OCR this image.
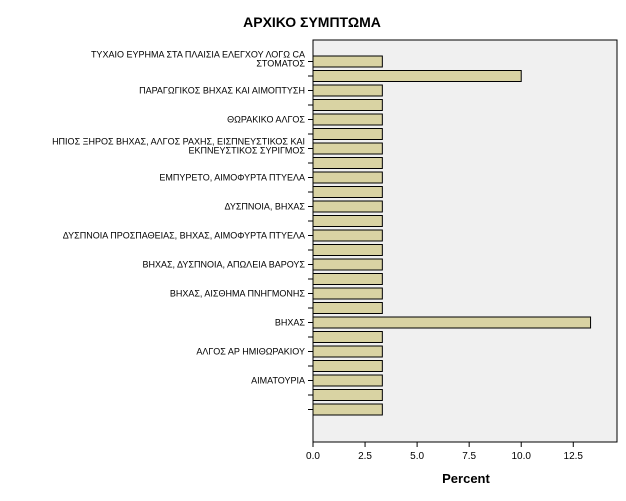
0.0	2.5	5.0	7.5	10.0	12.5
ΤΥΧΑΙΟ ΕΥΡΗΜΑ ΣΤΑ ΠΛΑΙΣΙΑ ΕΛΕΓΧΟΥ ΛΟΓΩ CA
ΣΤΟΜΑΤΟΣ
ΠΑΡΑΓΩΓΙΚΟΣ ΒΗΧΑΣ ΚΑΙ ΑΙΜΟΠΤΥΣΗ
ΘΩΡΑΚΙΚΟ ΑΛΓΟΣ
ΗΠΙΟΣ ΞΗΡΟΣ ΒΗΧΑΣ, ΑΛΓΟΣ ΡΑΧΗΣ, ΕΙΣΠΝΕΥΣΤΙΚΟΣ ΚΑΙ
ΕΚΠΝΕΥΣΤΙΚΟΣ ΣΥΡΙΓΜΟΣ
ΕΜΠΥΡΕΤΟ, ΑΙΜΟΦΥΡΤΑ ΠΤΥΕΛΑ
ΔΥΣΠΝΟΙΑ, ΒΗΧΑΣ
ΔΥΣΠΝΟΙΑ ΠΡΟΣΠΑΘΕΙΑΣ, ΒΗΧΑΣ, ΑΙΜΟΦΥΡΤΑ ΠΤΥΕΛΑ
ΒΗΧΑΣ, ΔΥΣΠΝΟΙΑ, ΑΠΩΛΕΙΑ ΒΑΡΟΥΣ
ΒΗΧΑΣ, ΑΙΣΘΗΜΑ ΠΝΗΓΜΟΝΗΣ
ΒΗΧΑΣ
ΑΛΓΟΣ ΑΡ ΗΜΙΘΩΡΑΚΙΟΥ
ΑΙΜΑΤΟΥΡΙΑ
ΑΡΧΙΚΟ ΣΥΜΠΤΩΜΑ
Percent
